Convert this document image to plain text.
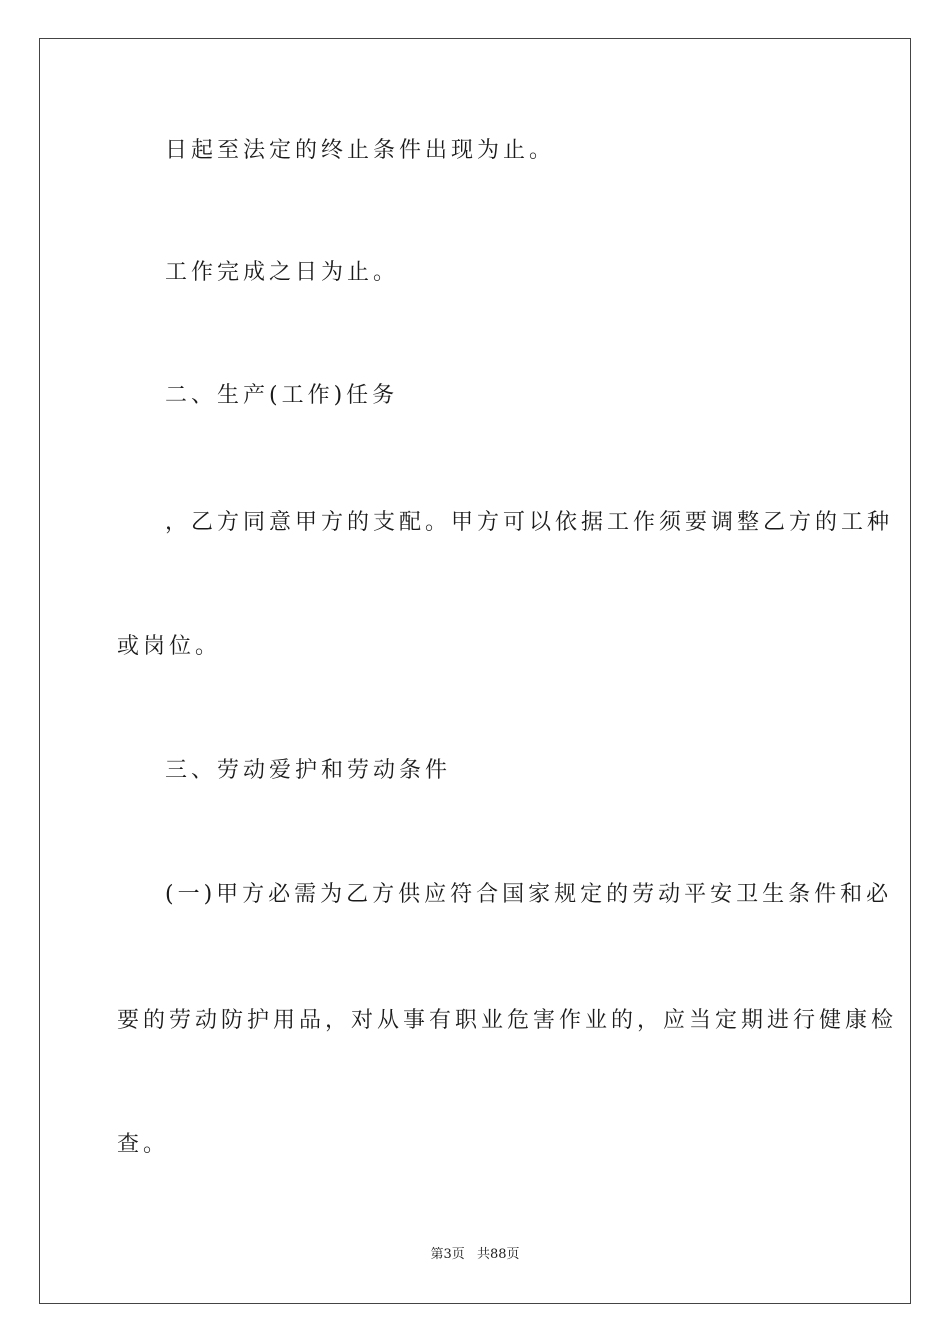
日起至法定的终止条件出现为止。
工作完成之日为止。
二、生产(工作)任务
，乙方同意甲方的支配。甲方可以依据工作须要调整乙方的工种
或岗位。
三、劳动爱护和劳动条件
(一)甲方必需为乙方供应符合国家规定的劳动平安卫生条件和必
要的劳动防护用品，对从事有职业危害作业的，应当定期进行健康检
查。
第3页 共88页
